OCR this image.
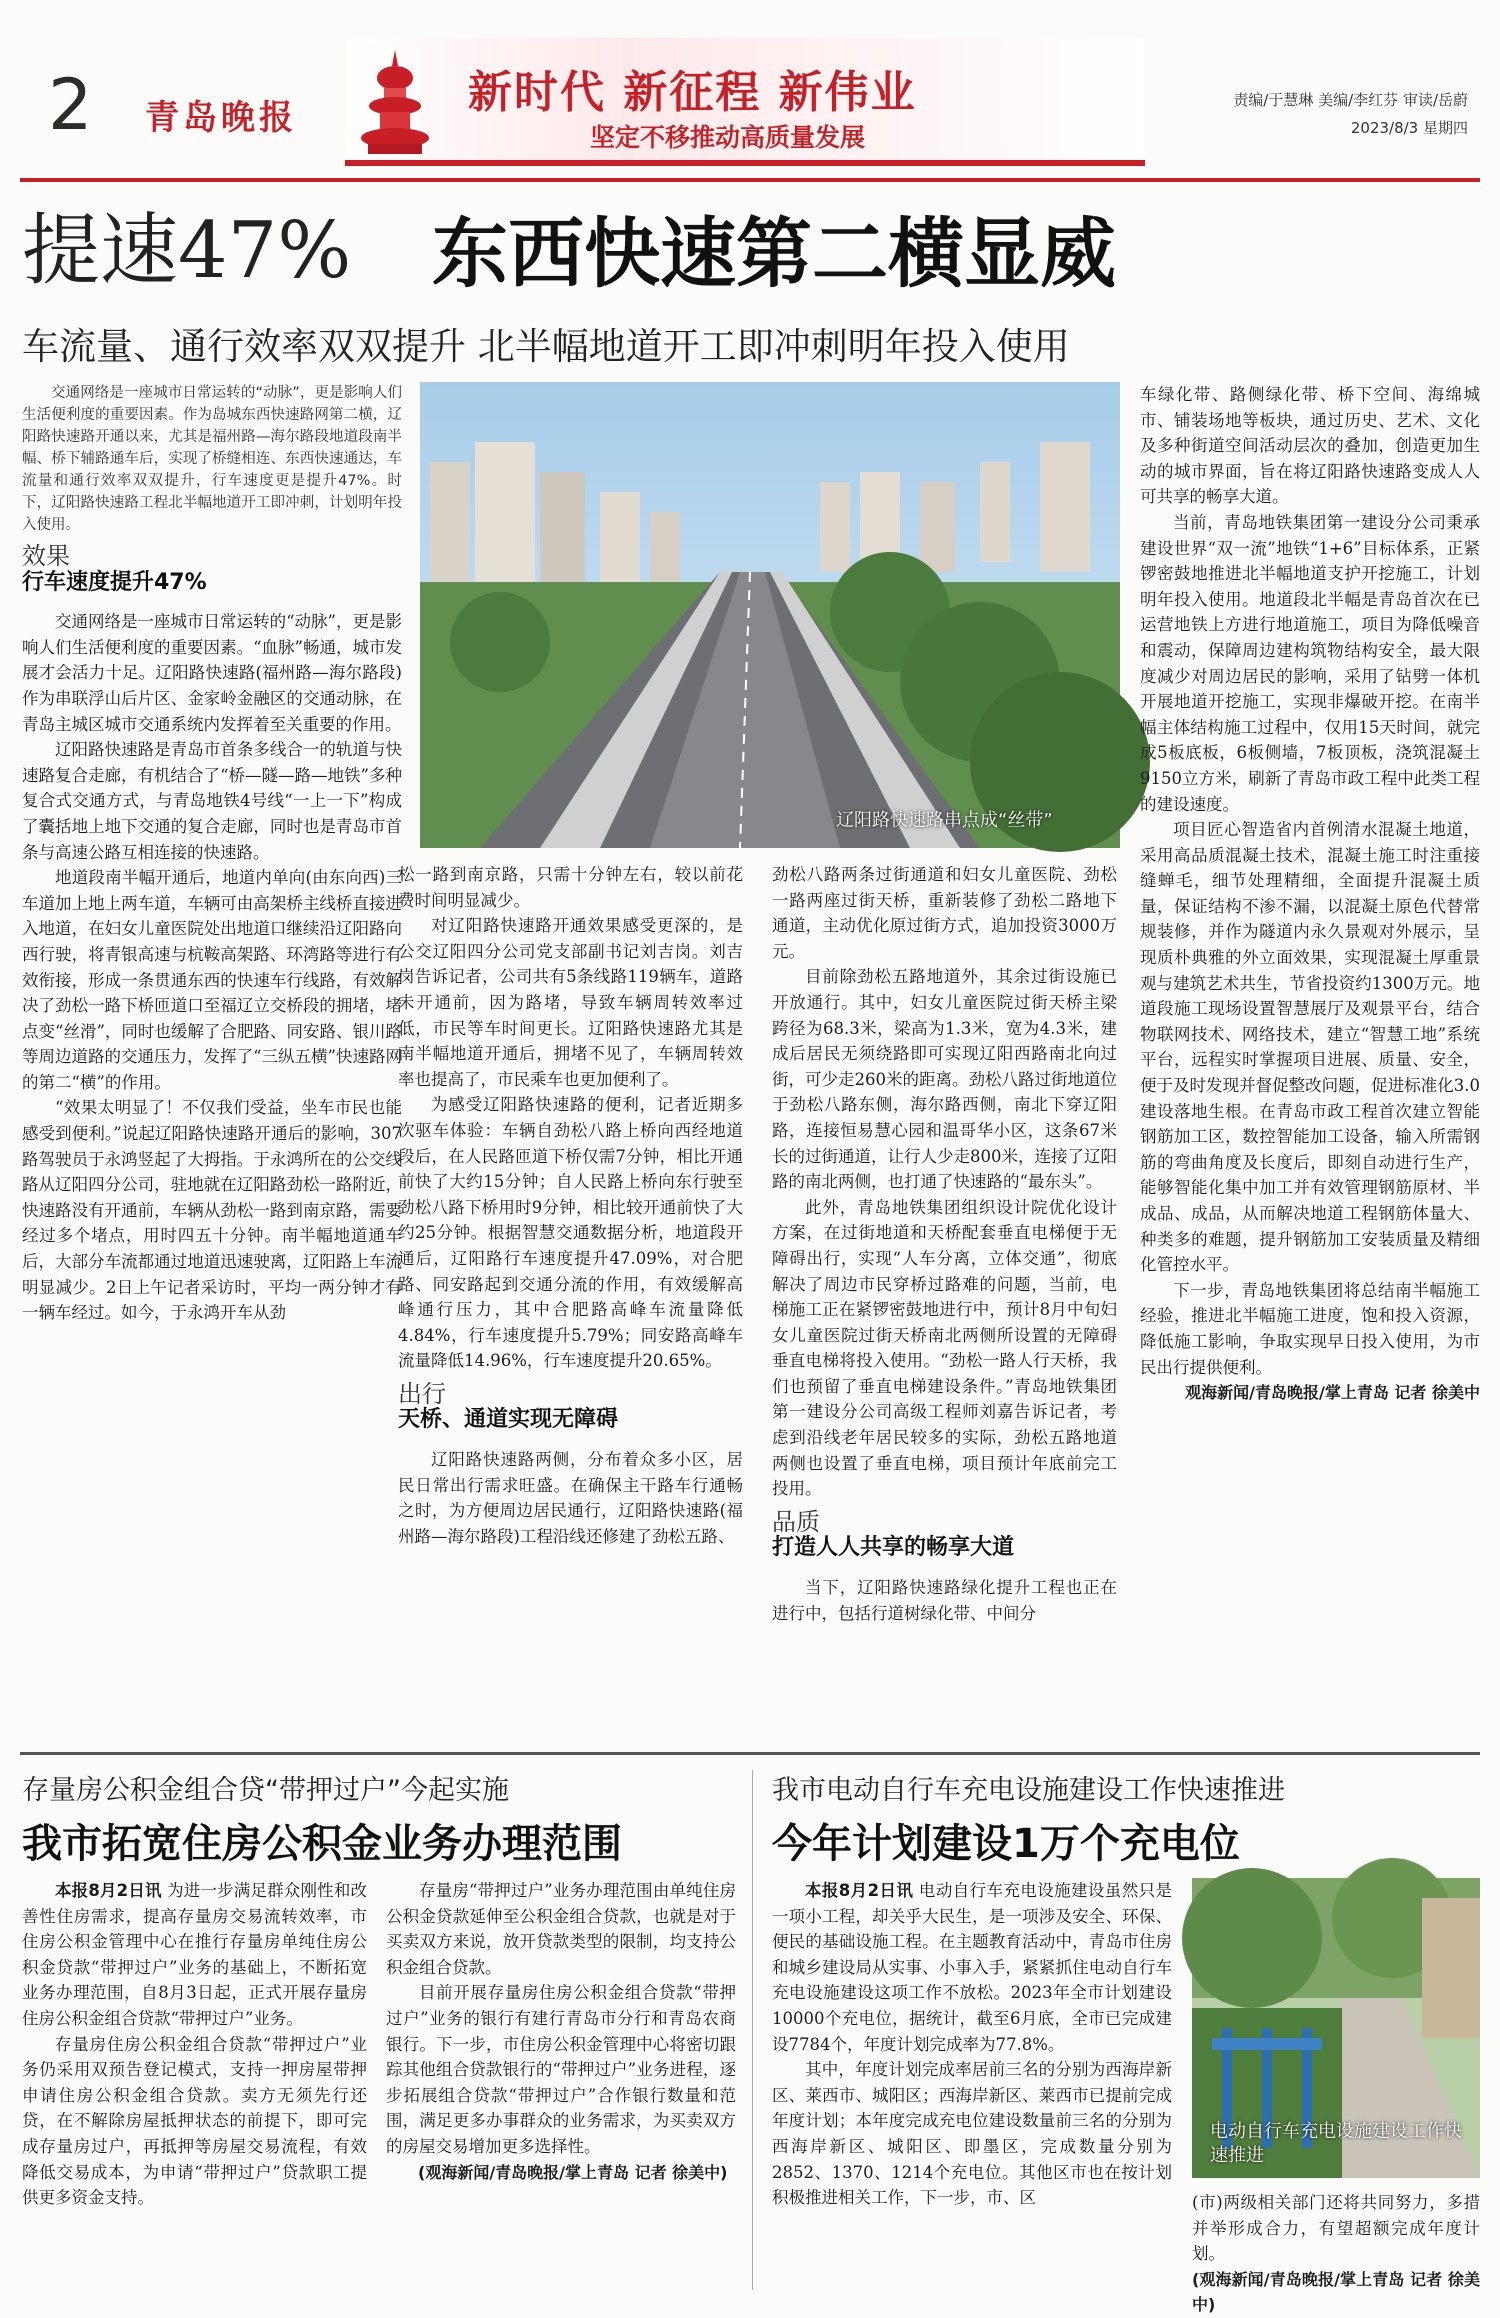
2 青岛晚报	新时代 新征程 新伟业
坚定不移推动高质量发展
责编/于慧琳 美编/李红芬 审读/岳蔚
2023/8/3 星期四
提速47% 东西快速第二横显威
车流量、通行效率双双提升 北半幅地道开工即冲刺明年投入使用
辽阳路快速路串点成“丝带”
交通网络是一座城市日常运转的“动脉”，更是影响人们生活便利度的重要因素。作为岛城东西快速路网第二横，辽阳路快速路开通以来，尤其是福州路—海尔路段地道段南半幅、桥下辅路通车后，实现了桥缝相连、东西快速通达，车流量和通行效率双双提升，行车速度更是提升47%。时下，辽阳路快速路工程北半幅地道开工即冲刺，计划明年投入使用。
效果
行车速度提升47%

交通网络是一座城市日常运转的“动脉”，更是影响人们生活便利度的重要因素。“血脉”畅通，城市发展才会活力十足。辽阳路快速路(福州路—海尔路段)作为串联浮山后片区、金家岭金融区的交通动脉，在青岛主城区城市交通系统内发挥着至关重要的作用。

辽阳路快速路是青岛市首条多线合一的轨道与快速路复合走廊，有机结合了“桥—隧—路—地铁”多种复合式交通方式，与青岛地铁4号线“一上一下”构成了囊括地上地下交通的复合走廊，同时也是青岛市首条与高速公路互相连接的快速路。

地道段南半幅开通后，地道内单向(由东向西)三车道加上地上两车道，车辆可由高架桥主线桥直接进入地道，在妇女儿童医院处出地道口继续沿辽阳路向西行驶，将青银高速与杭鞍高架路、环湾路等进行有效衔接，形成一条贯通东西的快速车行线路，有效解决了劲松一路下桥匝道口至福辽立交桥段的拥堵，堵点变“丝滑”，同时也缓解了合肥路、同安路、银川路等周边道路的交通压力，发挥了“三纵五横”快速路网的第二“横”的作用。

“效果太明显了！不仅我们受益，坐车市民也能感受到便利。”说起辽阳路快速路开通后的影响，307路驾驶员于永鸿竖起了大拇指。于永鸿所在的公交线路从辽阳四分公司，驻地就在辽阳路劲松一路附近，快速路没有开通前，车辆从劲松一路到南京路，需要经过多个堵点，用时四五十分钟。南半幅地道通车后，大部分车流都通过地道迅速驶离，辽阳路上车流明显减少。2日上午记者采访时，平均一两分钟才有一辆车经过。如今，于永鸿开车从劲

松一路到南京路，只需十分钟左右，较以前花费时间明显减少。

对辽阳路快速路开通效果感受更深的，是公交辽阳四分公司党支部副书记刘吉岗。刘吉岗告诉记者，公司共有5条线路119辆车，道路未开通前，因为路堵，导致车辆周转效率过低，市民等车时间更长。辽阳路快速路尤其是南半幅地道开通后，拥堵不见了，车辆周转效率也提高了，市民乘车也更加便利了。

为感受辽阳路快速路的便利，记者近期多次驱车体验：车辆自劲松八路上桥向西经地道段后，在人民路匝道下桥仅需7分钟，相比开通前快了大约15分钟；自人民路上桥向东行驶至劲松八路下桥用时9分钟，相比较开通前快了大约25分钟。根据智慧交通数据分析，地道段开通后，辽阳路行车速度提升47.09%，对合肥路、同安路起到交通分流的作用，有效缓解高峰通行压力，其中合肥路高峰车流量降低4.84%，行车速度提升5.79%；同安路高峰车流量降低14.96%，行车速度提升20.65%。

出行
天桥、通道实现无障碍

辽阳路快速路两侧，分布着众多小区，居民日常出行需求旺盛。在确保主干路车行通畅之时，为方便周边居民通行，辽阳路快速路(福州路—海尔路段)工程沿线还修建了劲松五路、

劲松八路两条过街通道和妇女儿童医院、劲松一路两座过街天桥，重新装修了劲松二路地下通道，主动优化原过街方式，追加投资3000万元。

目前除劲松五路地道外，其余过街设施已开放通行。其中，妇女儿童医院过街天桥主梁跨径为68.3米，梁高为1.3米，宽为4.3米，建成后居民无须绕路即可实现辽阳西路南北向过街，可少走260米的距离。劲松八路过街地道位于劲松八路东侧，海尔路西侧，南北下穿辽阳路，连接恒易慧心园和温哥华小区，这条67米长的过街通道，让行人少走800米，连接了辽阳路的南北两侧，也打通了快速路的“最东头”。

此外，青岛地铁集团组织设计院优化设计方案，在过街地道和天桥配套垂直电梯便于无障碍出行，实现“人车分离，立体交通”，彻底解决了周边市民穿桥过路难的问题，当前，电梯施工正在紧锣密鼓地进行中，预计8月中旬妇女儿童医院过街天桥南北两侧所设置的无障碍垂直电梯将投入使用。“劲松一路人行天桥，我们也预留了垂直电梯建设条件。”青岛地铁集团第一建设分公司高级工程师刘嘉告诉记者，考虑到沿线老年居民较多的实际，劲松五路地道两侧也设置了垂直电梯，项目预计年底前完工投用。

品质
打造人人共享的畅享大道

当下，辽阳路快速路绿化提升工程也正在进行中，包括行道树绿化带、中间分

车绿化带、路侧绿化带、桥下空间、海绵城市、铺装场地等板块，通过历史、艺术、文化及多种街道空间活动层次的叠加，创造更加生动的城市界面，旨在将辽阳路快速路变成人人可共享的畅享大道。

当前，青岛地铁集团第一建设分公司秉承建设世界“双一流”地铁“1+6”目标体系，正紧锣密鼓地推进北半幅地道支护开挖施工，计划明年投入使用。地道段北半幅是青岛首次在已运营地铁上方进行地道施工，项目为降低噪音和震动，保障周边建构筑物结构安全，最大限度减少对周边居民的影响，采用了钻劈一体机开展地道开挖施工，实现非爆破开挖。在南半幅主体结构施工过程中，仅用15天时间，就完成5板底板，6板侧墙，7板顶板，浇筑混凝土9150立方米，刷新了青岛市政工程中此类工程的建设速度。

项目匠心智造省内首例清水混凝土地道，采用高品质混凝土技术，混凝土施工时注重接缝蝉毛，细节处理精细，全面提升混凝土质量，保证结构不渗不漏，以混凝土原色代替常规装修，并作为隧道内永久景观对外展示，呈现质朴典雅的外立面效果，实现混凝土厚重景观与建筑艺术共生，节省投资约1300万元。地道段施工现场设置智慧展厅及观景平台，结合物联网技术、网络技术，建立“智慧工地”系统平台，远程实时掌握项目进展、质量、安全，便于及时发现并督促整改问题，促进标准化3.0建设落地生根。在青岛市政工程首次建立智能钢筋加工区，数控智能加工设备，输入所需钢筋的弯曲角度及长度后，即刻自动进行生产，能够智能化集中加工并有效管理钢筋原材、半成品、成品，从而解决地道工程钢筋体量大、种类多的难题，提升钢筋加工安装质量及精细化管控水平。

下一步，青岛地铁集团将总结南半幅施工经验，推进北半幅施工进度，饱和投入资源，降低施工影响，争取实现早日投入使用，为市民出行提供便利。

观海新闻/青岛晚报/掌上青岛 记者 徐美中

存量房公积金组合贷“带押过户”今起实施
我市拓宽住房公积金业务办理范围

本报8月2日讯 为进一步满足群众刚性和改善性住房需求，提高存量房交易流转效率，市住房公积金管理中心在推行存量房单纯住房公积金贷款“带押过户”业务的基础上，不断拓宽业务办理范围，自8月3日起，正式开展存量房住房公积金组合贷款“带押过户”业务。

存量房住房公积金组合贷款“带押过户”业务仍采用双预告登记模式，支持一押房屋带押申请住房公积金组合贷款。卖方无须先行还贷，在不解除房屋抵押状态的前提下，即可完成存量房过户，再抵押等房屋交易流程，有效降低交易成本，为申请“带押过户”贷款职工提供更多资金支持。

存量房“带押过户”业务办理范围由单纯住房公积金贷款延伸至公积金组合贷款，也就是对于买卖双方来说，放开贷款类型的限制，均支持公积金组合贷款。

目前开展存量房住房公积金组合贷款“带押过户”业务的银行有建行青岛市分行和青岛农商银行。下一步，市住房公积金管理中心将密切跟踪其他组合贷款银行的“带押过户”业务进程，逐步拓展组合贷款“带押过户”合作银行数量和范围，满足更多办事群众的业务需求，为买卖双方的房屋交易增加更多选择性。

(观海新闻/青岛晚报/掌上青岛 记者 徐美中)

我市电动自行车充电设施建设工作快速推进
今年计划建设1万个充电位

本报8月2日讯 电动自行车充电设施建设虽然只是一项小工程，却关乎大民生，是一项涉及安全、环保、便民的基础设施工程。在主题教育活动中，青岛市住房和城乡建设局从实事、小事入手，紧紧抓住电动自行车充电设施建设这项工作不放松。2023年全市计划建设10000个充电位，据统计，截至6月底，全市已完成建设7784个，年度计划完成率为77.8%。

其中，年度计划完成率居前三名的分别为西海岸新区、莱西市、城阳区；西海岸新区、莱西市已提前完成年度计划；本年度完成充电位建设数量前三名的分别为西海岸新区、城阳区、即墨区，完成数量分别为2852、1370、1214个充电位。其他区市也在按计划积极推进相关工作，下一步，市、区

电动自行车充电设施建设工作快速推进

(市)两级相关部门还将共同努力，多措并举形成合力，有望超额完成年度计划。

(观海新闻/青岛晚报/掌上青岛 记者 徐美中)
